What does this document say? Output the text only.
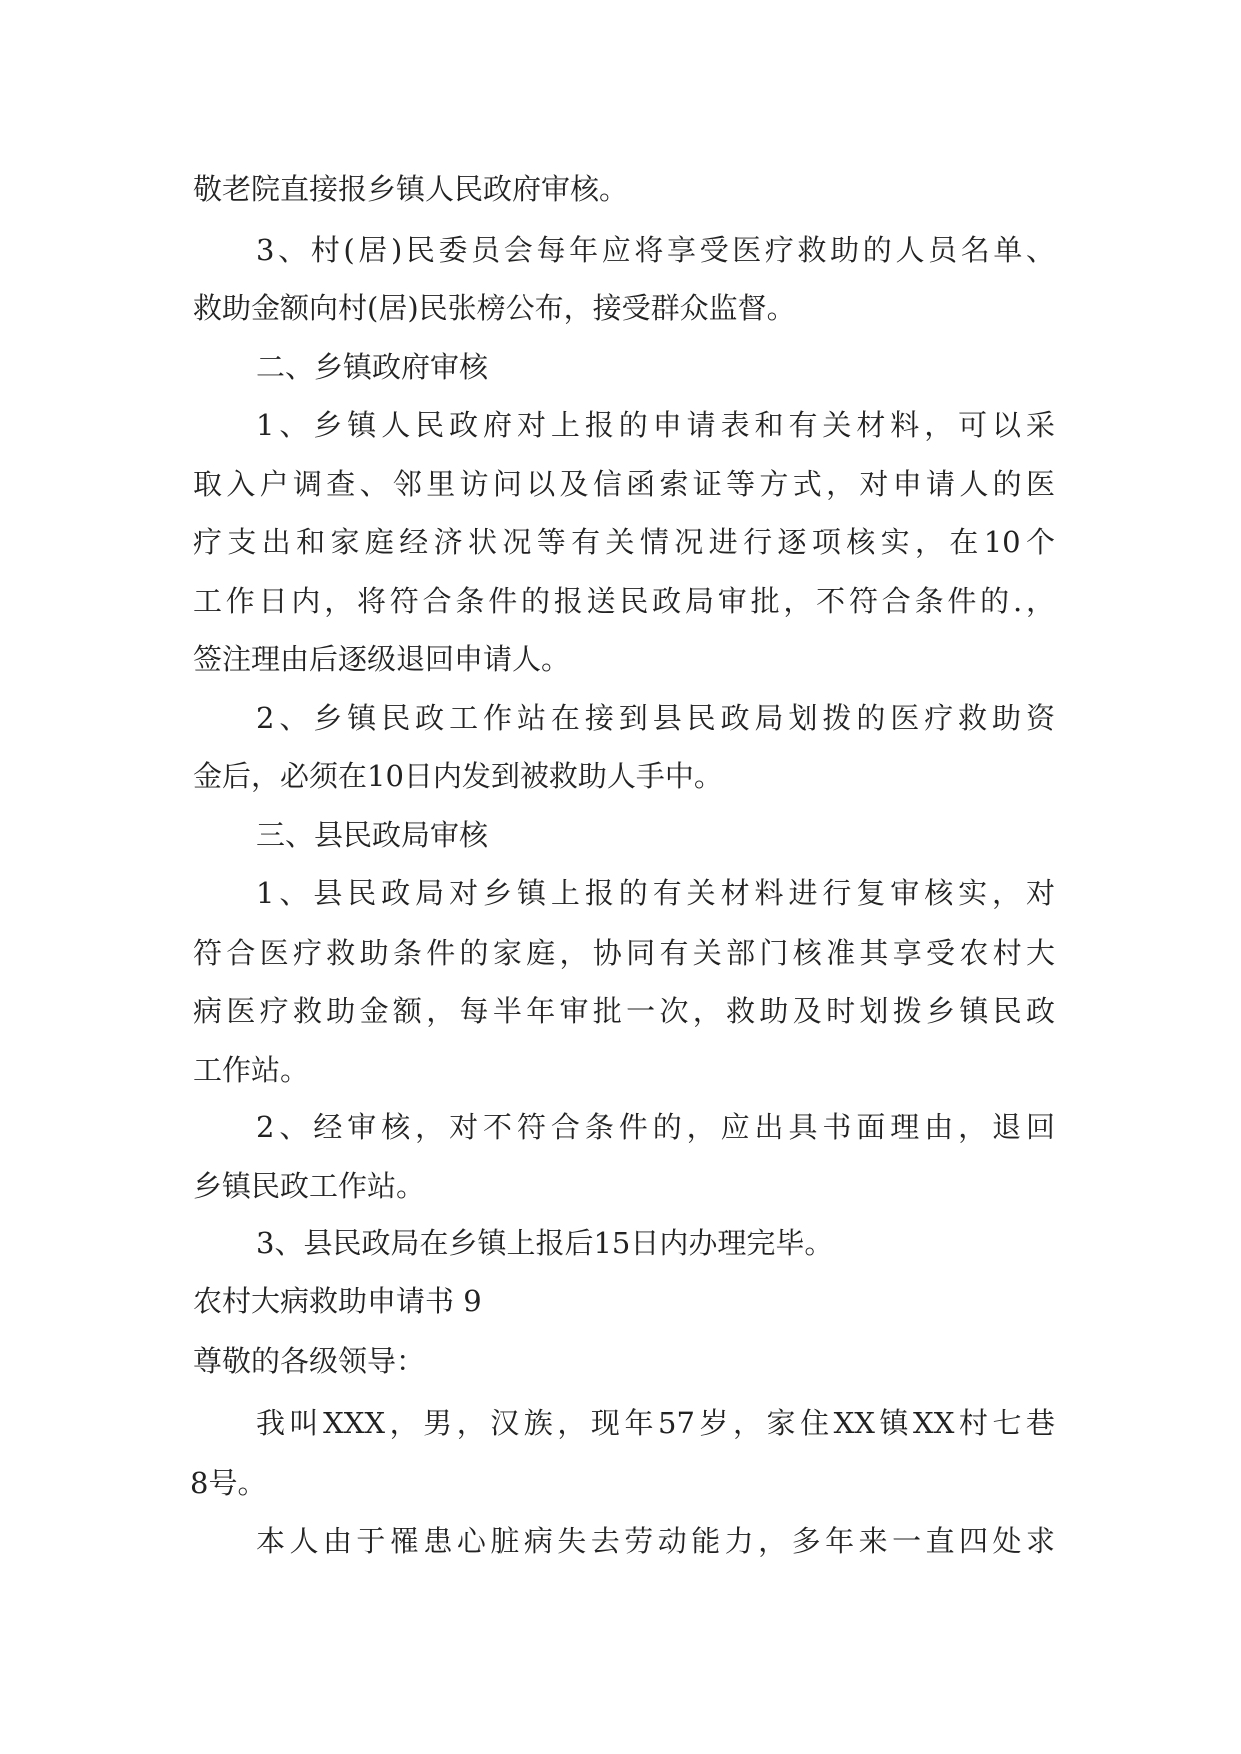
敬老院直接报乡镇人民政府审核。
3、村(居)民委员会每年应将享受医疗救助的人员名单、
救助金额向村(居)民张榜公布，接受群众监督。
二、乡镇政府审核
1、乡镇人民政府对上报的申请表和有关材料，可以采
取入户调查、邻里访问以及信函索证等方式，对申请人的医
疗支出和家庭经济状况等有关情况进行逐项核实，在10个
工作日内，将符合条件的报送民政局审批，不符合条件的.，
签注理由后逐级退回申请人。
2、乡镇民政工作站在接到县民政局划拨的医疗救助资
金后，必须在10日内发到被救助人手中。
三、县民政局审核
1、县民政局对乡镇上报的有关材料进行复审核实，对
符合医疗救助条件的家庭，协同有关部门核准其享受农村大
病医疗救助金额，每半年审批一次，救助及时划拨乡镇民政
工作站。
2、经审核，对不符合条件的，应出具书面理由，退回
乡镇民政工作站。
3、县民政局在乡镇上报后15日内办理完毕。
农村大病救助申请书 9
尊敬的各级领导：
我叫XXX，男，汉族，现年57岁，家住XX镇XX村七巷
8号。
本人由于罹患心脏病失去劳动能力，多年来一直四处求
